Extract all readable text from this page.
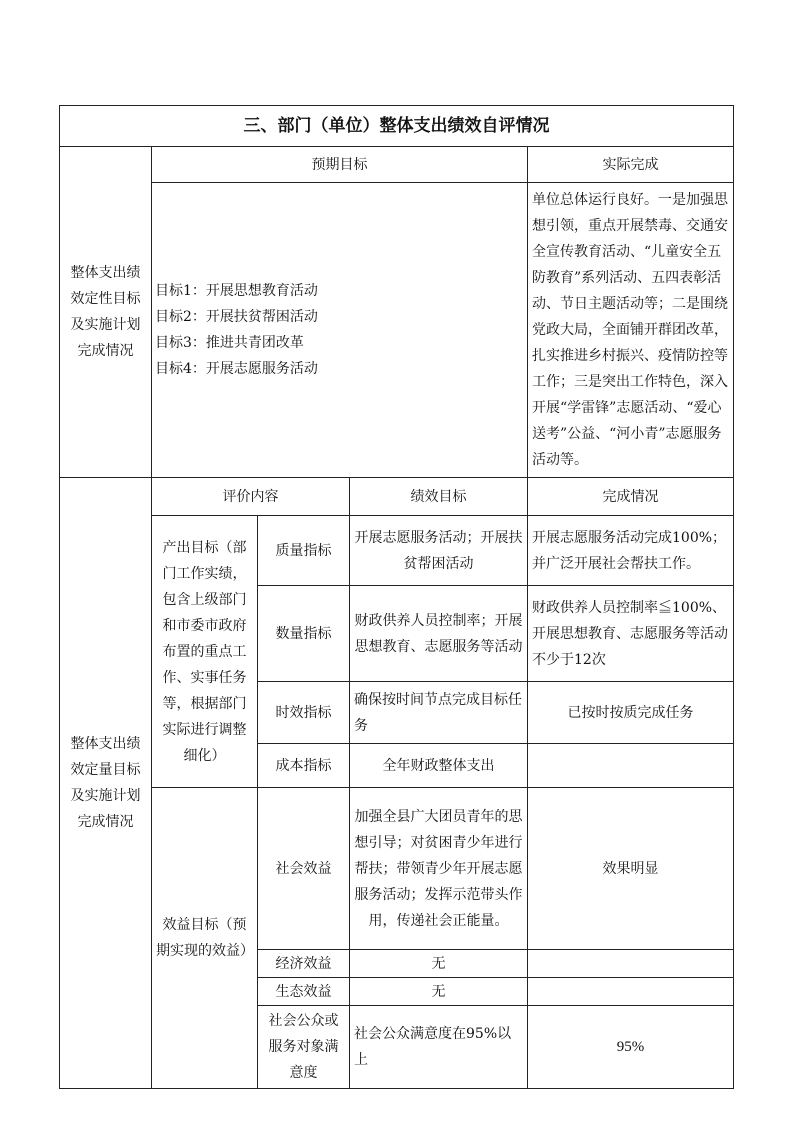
三、部门（单位）整体支出绩效自评情况				
整体支出绩效定性目标及实施计划完成情况	预期目标			实际完成

	目标1：开展思想教育活动
目标2：开展扶贫帮困活动
目标3：推进共青团改革
目标4：开展志愿服务活动			单位总体运行良好。一是加强思想引领，重点开展禁毒、交通安全宣传教育活动、“儿童安全五防教育”系列活动、五四表彰活动、节日主题活动等；二是围绕党政大局，全面铺开群团改革，扎实推进乡村振兴、疫情防控等工作；三是突出工作特色，深入开展“学雷锋”志愿活动、“爱心送考”公益、“河小青”志愿服务活动等。
整体支出绩效定量目标及实施计划完成情况	评价内容		绩效目标	完成情况
	产出目标（部门工作实绩，包含上级部门和市委市政府布置的重点工作、实事任务等，根据部门实际进行调整细化）	质量指标	开展志愿服务活动；开展扶贫帮困活动	开展志愿服务活动完成100%；并广泛开展社会帮扶工作。
		数量指标	财政供养人员控制率；开展思想教育、志愿服务等活动	财政供养人员控制率≦100%、开展思想教育、志愿服务等活动不少于12次
		时效指标	确保按时间节点完成目标任务	已按时按质完成任务
		成本指标	全年财政整体支出	
	效益目标（预期实现的效益）	社会效益	加强全县广大团员青年的思想引导；对贫困青少年进行帮扶；带领青少年开展志愿服务活动；发挥示范带头作用，传递社会正能量。	效果明显
		经济效益	无	
		生态效益	无	
		社会公众或服务对象满意度	社会公众满意度在95%以上	95%
